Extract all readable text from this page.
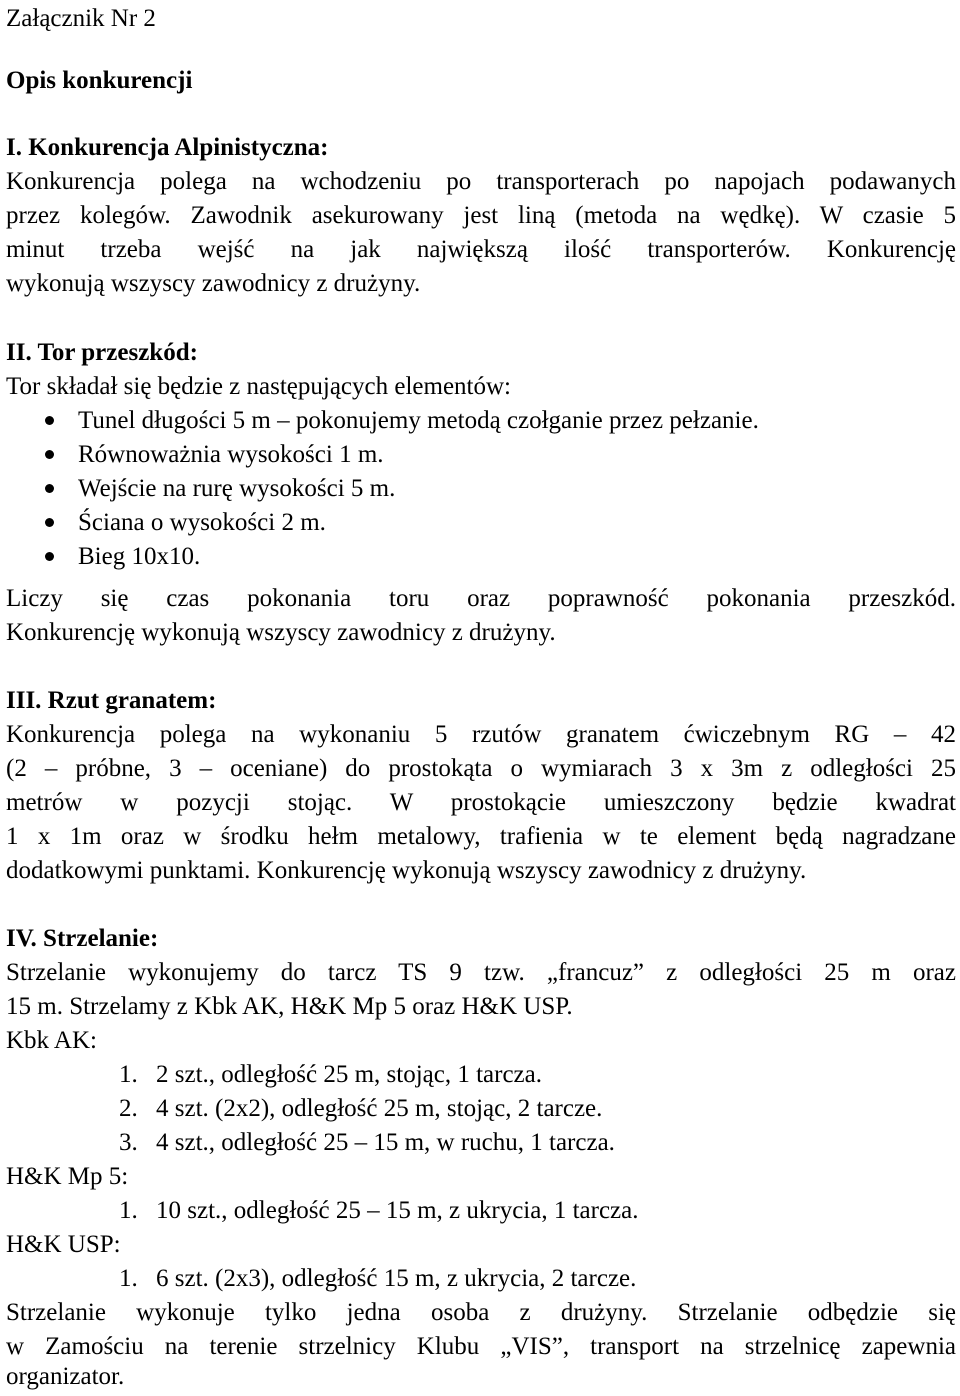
Załącznik Nr 2
Opis konkurencji
I. Konkurencja Alpinistyczna:
Konkurencja polega na wchodzeniu po transporterach po napojach podawanych
przez kolegów. Zawodnik asekurowany jest liną (metoda na wędkę). W czasie 5
minut trzeba wejść na jak największą ilość transporterów. Konkurencję
wykonują wszyscy zawodnicy z drużyny.
II. Tor przeszkód:
Tor składał się będzie z następujących elementów:
Tunel długości 5 m – pokonujemy metodą czołganie przez pełzanie.
Równoważnia wysokości 1 m.
Wejście na rurę wysokości 5 m.
Ściana o wysokości 2 m.
Bieg 10x10.
Liczy się czas pokonania toru oraz poprawność pokonania przeszkód.
Konkurencję wykonują wszyscy zawodnicy z drużyny.
III. Rzut granatem:
Konkurencja polega na wykonaniu 5 rzutów granatem ćwiczebnym RG – 42
(2 – próbne, 3 – oceniane) do prostokąta o wymiarach 3 x 3m z odległości 25
metrów w pozycji stojąc. W prostokącie umieszczony będzie kwadrat
1 x 1m oraz w środku hełm metalowy, trafienia w te element będą nagradzane
dodatkowymi punktami. Konkurencję wykonują wszyscy zawodnicy z drużyny.
IV. Strzelanie:
Strzelanie wykonujemy do tarcz TS 9 tzw. „francuz” z odległości 25 m oraz
15 m. Strzelamy z Kbk AK, H&K Mp 5 oraz H&K USP.
Kbk AK:
1. 2 szt., odległość 25 m, stojąc, 1 tarcza.
2. 4 szt. (2x2), odległość 25 m, stojąc, 2 tarcze.
3. 4 szt., odległość 25 – 15 m, w ruchu, 1 tarcza.
H&K Mp 5:
1. 10 szt., odległość 25 – 15 m, z ukrycia, 1 tarcza.
H&K USP:
1. 6 szt. (2x3), odległość 15 m, z ukrycia, 2 tarcze.
Strzelanie wykonuje tylko jedna osoba z drużyny. Strzelanie odbędzie się
w Zamościu na terenie strzelnicy Klubu „VIS”, transport na strzelnicę zapewnia
organizator.
